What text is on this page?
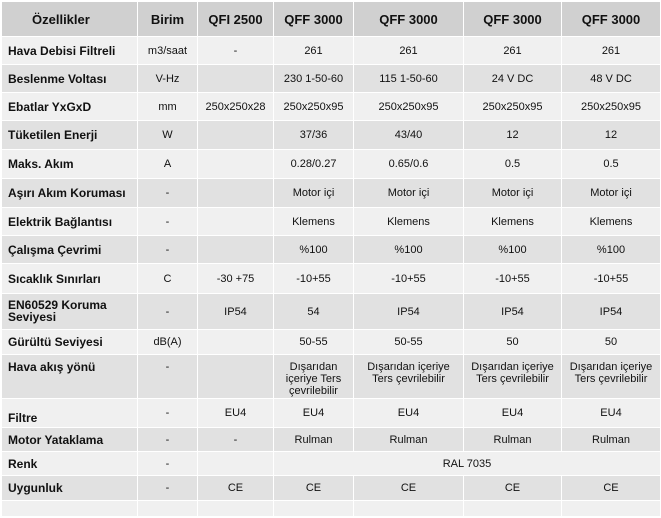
Özellikler	Birim	QFI 2500	QFF 3000	QFF 3000	QFF 3000	QFF 3000
Hava Debisi Filtreli	m3/saat	-	261	261	261	261
Beslenme Voltası	V-Hz		230 1-50-60	115 1-50-60	24 V DC	48 V DC
Ebatlar YxGxD	mm	250x250x28	250x250x95	250x250x95	250x250x95	250x250x95
Tüketilen Enerji	W		37/36	43/40	12	12
Maks. Akım	A		0.28/0.27	0.65/0.6	0.5	0.5
Aşırı Akım Koruması	-		Motor içi	Motor içi	Motor içi	Motor içi
Elektrik Bağlantısı	-		Klemens	Klemens	Klemens	Klemens
Çalışma Çevrimi	-		%100	%100	%100	%100
Sıcaklık Sınırları	C	-30 +75	-10+55	-10+55	-10+55	-10+55
EN60529 Koruma Seviyesi	-	IP54	54	IP54	IP54	IP54
Gürültü Seviyesi	dB(A)		50-55	50-55	50	50
Hava akış yönü	-		Dışarıdan içeriye Ters çevrilebilir	Dışarıdan içeriye Ters çevrilebilir	Dışarıdan içeriye Ters çevrilebilir	Dışarıdan içeriye Ters çevrilebilir
Filtre	-	EU4	EU4	EU4	EU4	EU4
Motor Yataklama	-	-	Rulman	Rulman	Rulman	Rulman
Renk	-		RAL 7035			
Uygunluk	-	CE	CE	CE	CE	CE
